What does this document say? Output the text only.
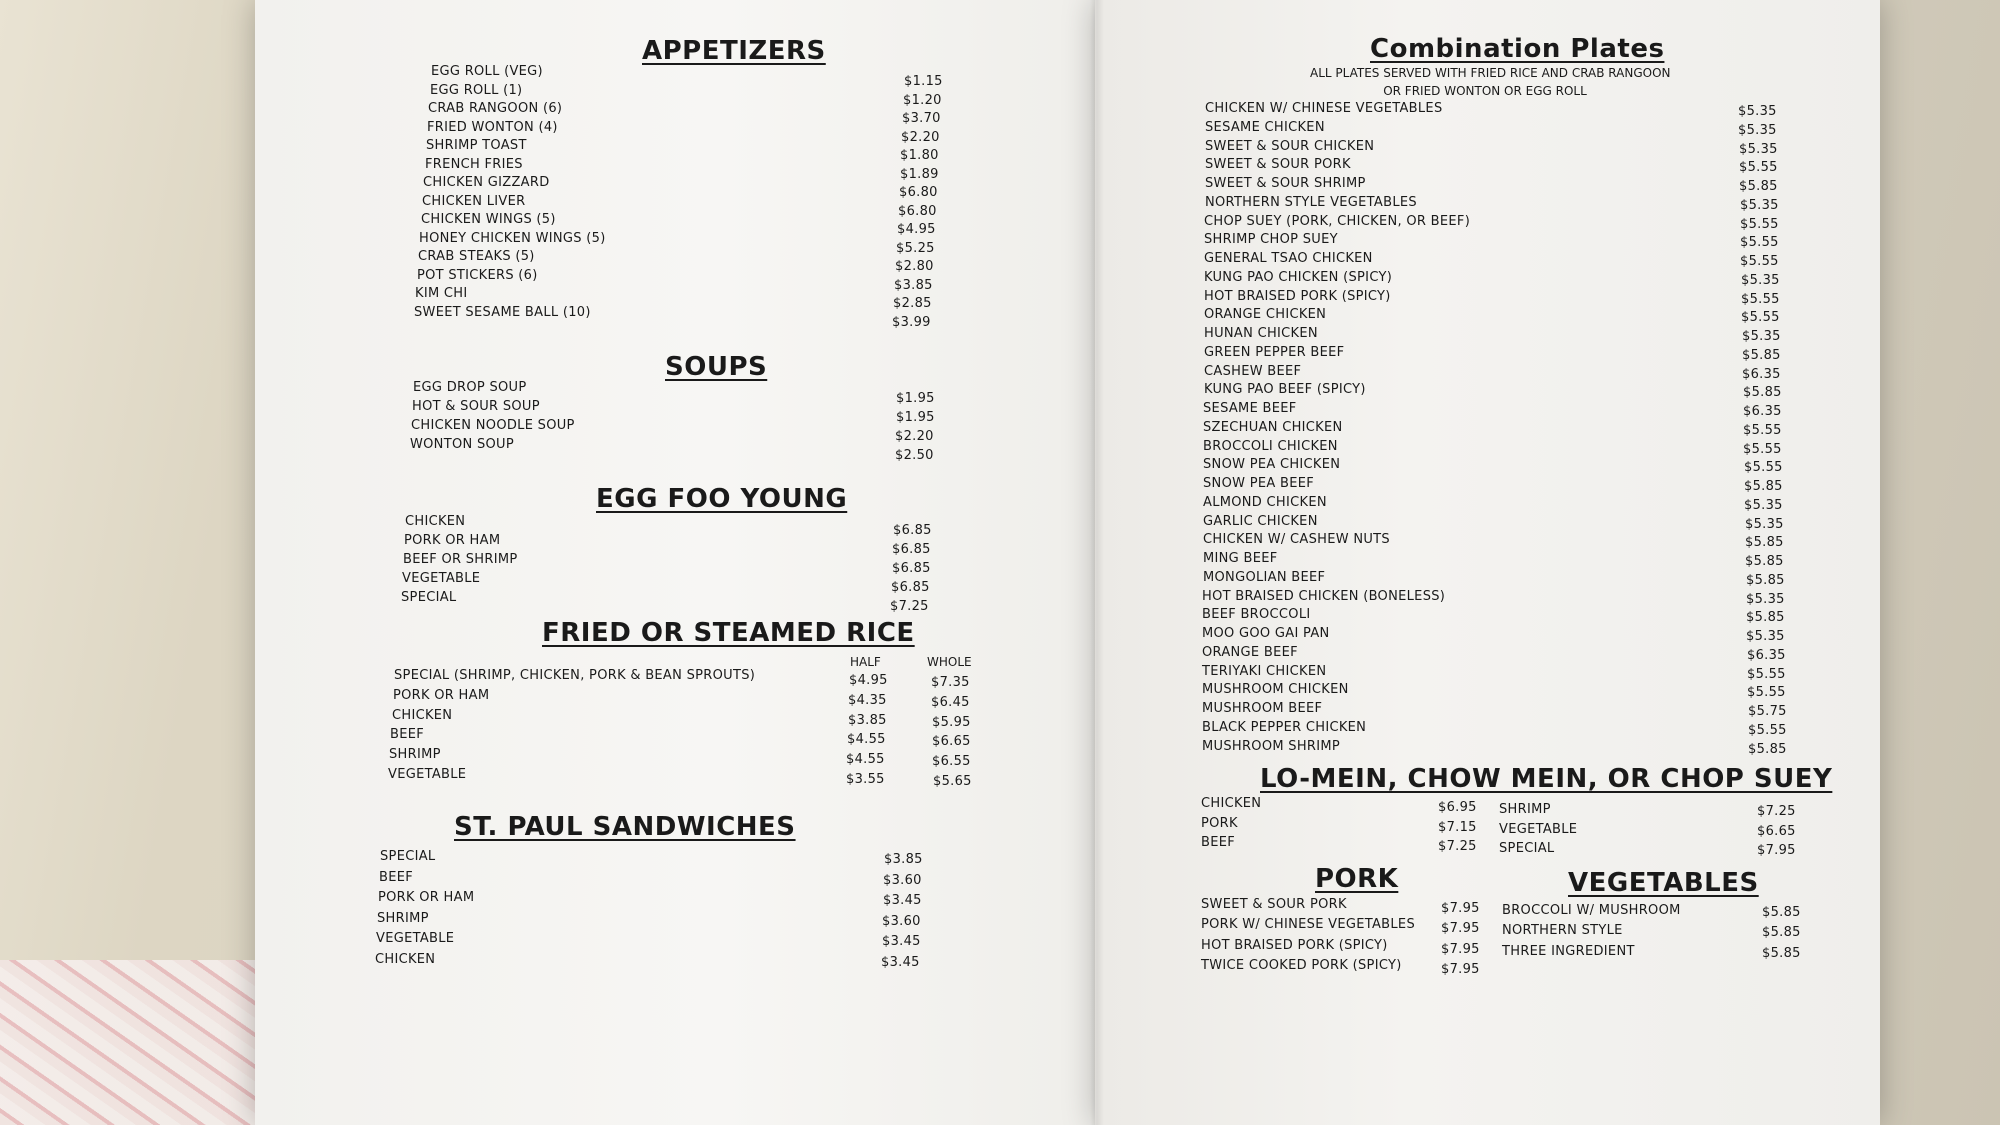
APPETIZERS
SOUPS
EGG FOO YOUNG
FRIED OR STEAMED RICE
HALF	WHOLE
ST. PAUL SANDWICHES
Combination Plates
ALL PLATES SERVED WITH FRIED RICE AND CRAB RANGOON
OR FRIED WONTON OR EGG ROLL
LO-MEIN, CHOW MEIN, OR CHOP SUEY
PORK	VEGETABLES
EGG ROLL (VEG)
$1.15
EGG ROLL (1)
$1.20
CRAB RANGOON (6)
$3.70
FRIED WONTON (4)
$2.20
SHRIMP TOAST
$1.80
FRENCH FRIES
$1.89
CHICKEN GIZZARD
$6.80
CHICKEN LIVER
$6.80
CHICKEN WINGS (5)
$4.95
HONEY CHICKEN WINGS (5)
$5.25
CRAB STEAKS (5)
$2.80
POT STICKERS (6)
$3.85
KIM CHI
$2.85
SWEET SESAME BALL (10)
$3.99
EGG DROP SOUP
$1.95
HOT & SOUR SOUP
$1.95
CHICKEN NOODLE SOUP
$2.20
WONTON SOUP
$2.50
CHICKEN
$6.85
PORK OR HAM
$6.85
BEEF OR SHRIMP
$6.85
VEGETABLE
$6.85
SPECIAL
$7.25
SPECIAL	$3.85
BEEF	$3.60
PORK OR HAM	$3.45
SHRIMP	$3.60
VEGETABLE	$3.45
CHICKEN	$3.45
SPECIAL (SHRIMP, CHICKEN, PORK & BEAN SPROUTS)	$4.95	$7.35
PORK OR HAM	$4.35	$6.45
CHICKEN	$3.85	$5.95
BEEF	$4.55	$6.65
SHRIMP	$4.55	$6.55
VEGETABLE	$3.55	$5.65
CHICKEN W/ CHINESE VEGETABLES	$5.35
SESAME CHICKEN	$5.35
SWEET & SOUR CHICKEN	$5.35
SWEET & SOUR PORK	$5.55
SWEET & SOUR SHRIMP	$5.85
NORTHERN STYLE VEGETABLES	$5.35
CHOP SUEY (PORK, CHICKEN, OR BEEF)	$5.55
SHRIMP CHOP SUEY	$5.55
GENERAL TSAO CHICKEN	$5.55
KUNG PAO CHICKEN (SPICY)	$5.35
HOT BRAISED PORK (SPICY)	$5.55
ORANGE CHICKEN	$5.55
HUNAN CHICKEN	$5.35
GREEN PEPPER BEEF	$5.85
CASHEW BEEF	$6.35
KUNG PAO BEEF (SPICY)	$5.85
SESAME BEEF	$6.35
SZECHUAN CHICKEN	$5.55
BROCCOLI CHICKEN	$5.55
SNOW PEA CHICKEN	$5.55
SNOW PEA BEEF	$5.85
ALMOND CHICKEN	$5.35
GARLIC CHICKEN	$5.35
CHICKEN W/ CASHEW NUTS	$5.85
MING BEEF	$5.85
MONGOLIAN BEEF	$5.85
HOT BRAISED CHICKEN (BONELESS)	$5.35
BEEF BROCCOLI	$5.85
MOO GOO GAI PAN	$5.35
ORANGE BEEF	$6.35
TERIYAKI CHICKEN	$5.55
MUSHROOM CHICKEN	$5.55
MUSHROOM BEEF	$5.75
BLACK PEPPER CHICKEN	$5.55
MUSHROOM SHRIMP	$5.85
CHICKEN	$6.95
PORK	$7.15
BEEF	$7.25
SHRIMP	$7.25
VEGETABLE	$6.65
SPECIAL	$7.95
SWEET & SOUR PORK	$7.95
PORK W/ CHINESE VEGETABLES $7.95
HOT BRAISED PORK (SPICY)	$7.95
TWICE COOKED PORK (SPICY)	$7.95
BROCCOLI W/ MUSHROOM	$5.85
NORTHERN STYLE	$5.85
THREE INGREDIENT	$5.85
